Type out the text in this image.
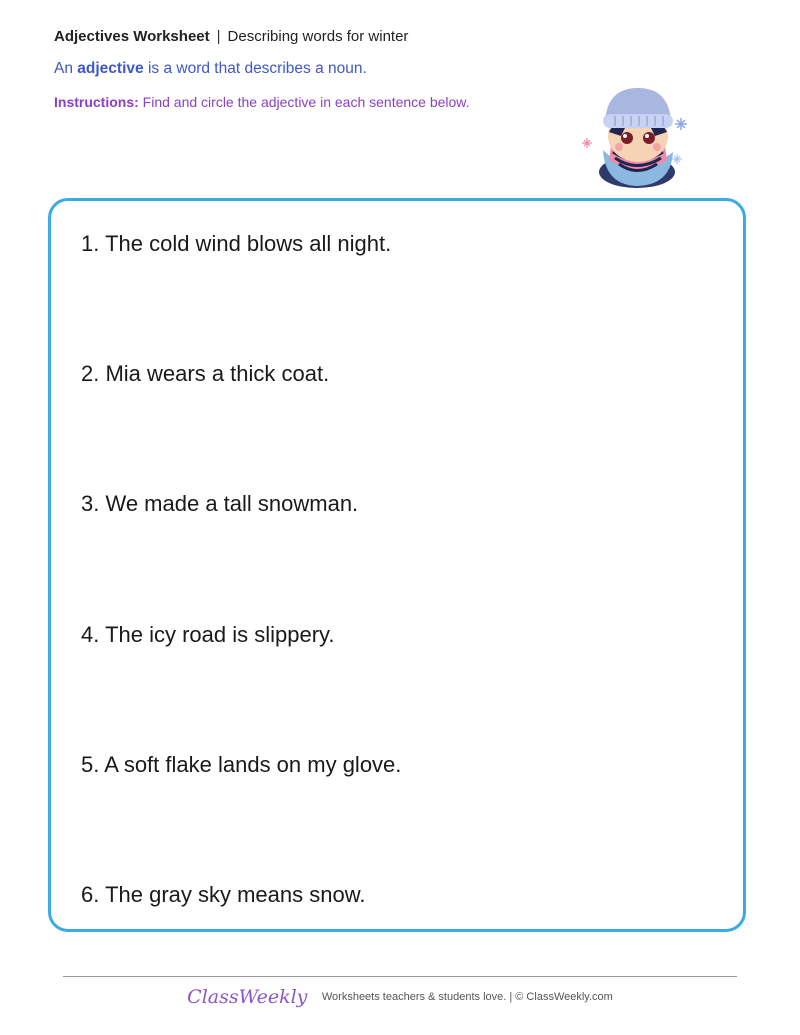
Adjectives Worksheet | Describing words for winter
An adjective is a word that describes a noun.
Instructions: Find and circle the adjective in each sentence below.
1. The cold wind blows all night.
2. Mia wears a thick coat.
3. We made a tall snowman.
4. The icy road is slippery.
5. A soft flake lands on my glove.
6. The gray sky means snow.
ClassWeekly Worksheets teachers & students love. | © ClassWeekly.com
